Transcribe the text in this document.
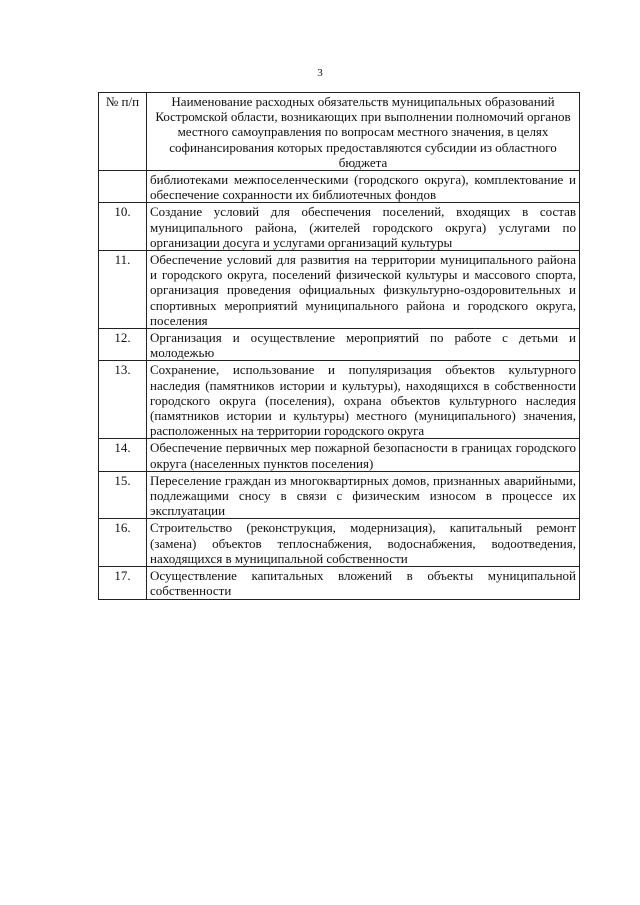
3
№ п/п	Наименование расходных обязательств муниципальных образований Костромской области, возникающих при выполнении полномочий органов местного самоуправления по вопросам местного значения, в целях софинансирования которых предоставляются субсидии из областного бюджета
	библиотеками межпоселенческими (городского округа), комплектование и обеспечение сохранности их библиотечных фондов
10.	Создание условий для обеспечения поселений, входящих в состав муниципального района, (жителей городского округа) услугами по организации досуга и услугами организаций культуры
11.	Обеспечение условий для развития на территории муниципального района и городского округа, поселений физической культуры и массового спорта, организация проведения официальных физкультурно-оздоровительных и спортивных мероприятий муниципального района и городского округа, поселения
12.	Организация и осуществление мероприятий по работе с детьми и молодежью
13.	Сохранение, использование и популяризация объектов культурного наследия (памятников истории и культуры), находящихся в собственности городского округа (поселения), охрана объектов культурного наследия (памятников истории и культуры) местного (муниципального) значения, расположенных на территории городского округа
14.	Обеспечение первичных мер пожарной безопасности в границах городского округа (населенных пунктов поселения)
15.	Переселение граждан из многоквартирных домов, признанных аварийными, подлежащими сносу в связи с физическим износом в процессе их эксплуатации
16.	Строительство (реконструкция, модернизация), капитальный ремонт (замена) объектов теплоснабжения, водоснабжения, водоотведения, находящихся в муниципальной собственности
17.	Осуществление капитальных вложений в объекты муниципальной собственности
